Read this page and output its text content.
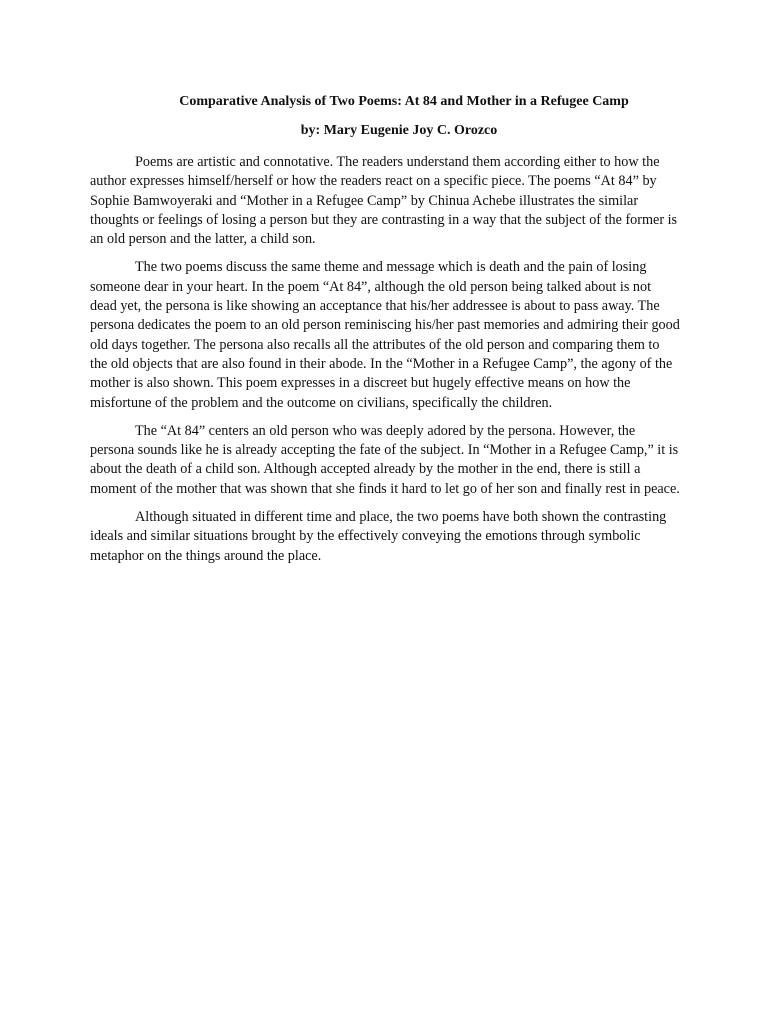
Comparative Analysis of Two Poems: At 84 and Mother in a Refugee Camp
by: Mary Eugenie Joy C. Orozco

Poems are artistic and connotative. The readers understand them according either to how the author expresses himself/herself or how the readers react on a specific piece. The poems “At 84” by Sophie Bamwoyeraki and “Mother in a Refugee Camp” by Chinua Achebe illustrates the similar thoughts or feelings of losing a person but they are contrasting in a way that the subject of the former is an old person and the latter, a child son.

The two poems discuss the same theme and message which is death and the pain of losing someone dear in your heart. In the poem “At 84”, although the old person being talked about is not dead yet, the persona is like showing an acceptance that his/her addressee is about to pass away. The persona dedicates the poem to an old person reminiscing his/her past memories and admiring their good old days together. The persona also recalls all the attributes of the old person and comparing them to the old objects that are also found in their abode. In the “Mother in a Refugee Camp”, the agony of the mother is also shown. This poem expresses in a discreet but hugely effective means on how the misfortune of the problem and the outcome on civilians, specifically the children.

The “At 84” centers an old person who was deeply adored by the persona. However, the persona sounds like he is already accepting the fate of the subject. In “Mother in a Refugee Camp,” it is about the death of a child son. Although accepted already by the mother in the end, there is still a moment of the mother that was shown that she finds it hard to let go of her son and finally rest in peace.

Although situated in different time and place, the two poems have both shown the contrasting ideals and similar situations brought by the effectively conveying the emotions through symbolic metaphor on the things around the place.
